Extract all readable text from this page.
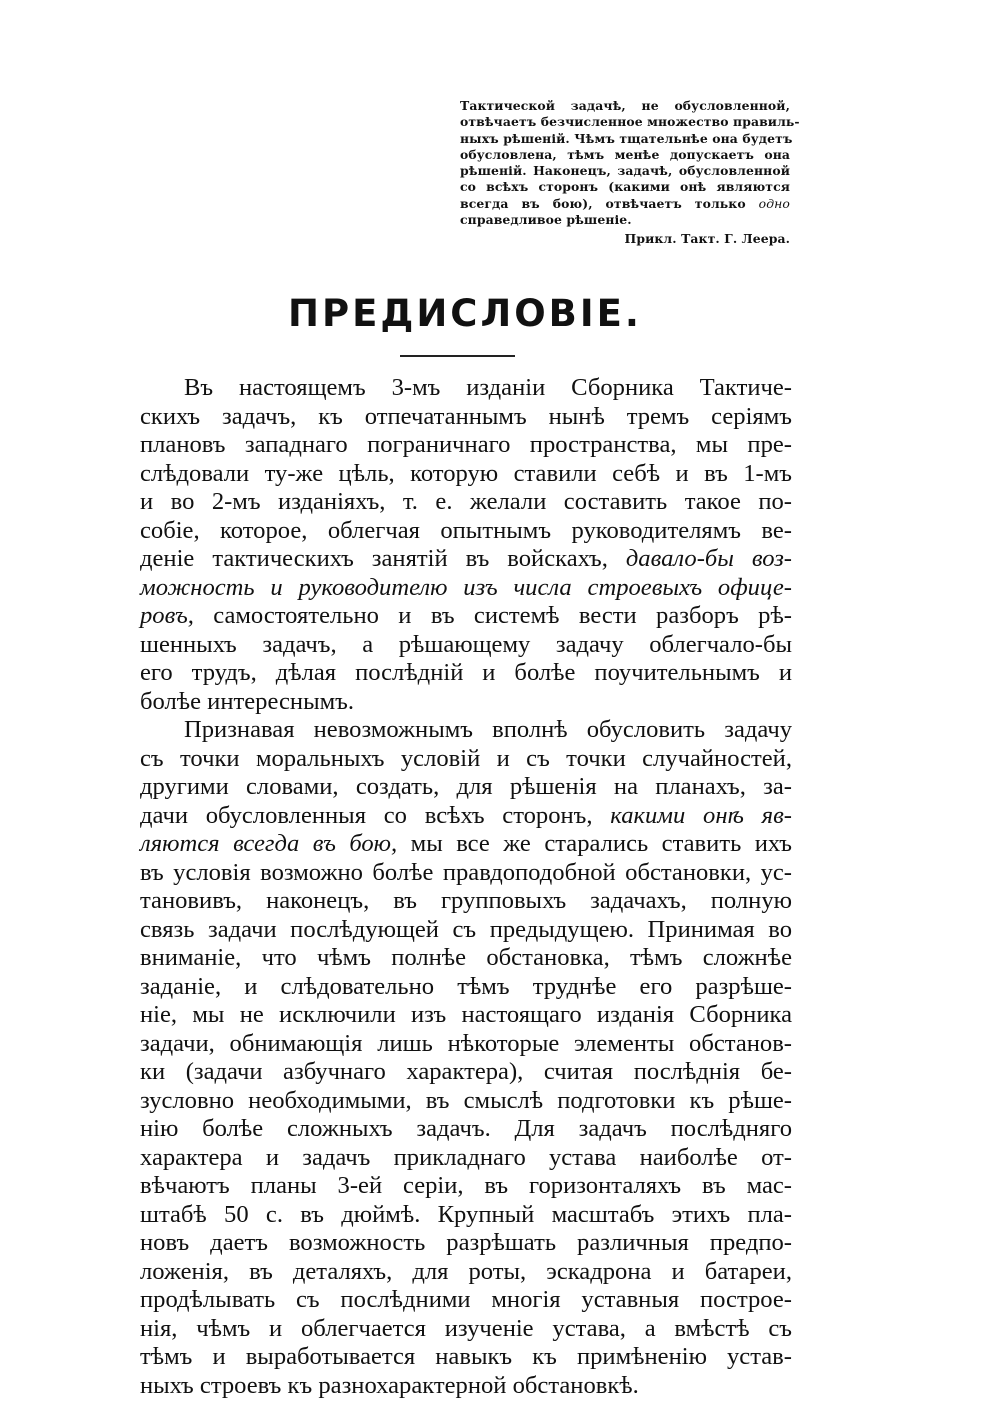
Тактической задачѣ, не обусловленной,
отвѣчаетъ безчисленное множество правиль-
ныхъ рѣшеній. Чѣмъ тщательнѣе она будетъ
обусловлена, тѣмъ менѣе допускаетъ она
рѣшеній. Наконецъ, задачѣ, обусловленной
со всѣхъ сторонъ (какими онѣ являются
всегда въ бою), отвѣчаетъ только одно
справедливое рѣшеніе.
Прикл. Такт. Г. Леера.
ПРЕДИСЛОВІЕ.
Въ настоящемъ 3-мъ изданіи Сборника Тактиче-
скихъ задачъ, къ отпечатаннымъ нынѣ тремъ серіямъ
плановъ западнаго пограничнаго пространства, мы пре-
слѣдовали ту-же цѣль, которую ставили себѣ и въ 1-мъ
и во 2-мъ изданіяхъ, т. е. желали составить такое по-
собіе, которое, облегчая опытнымъ руководителямъ ве-
деніе тактическихъ занятій въ войскахъ, давало-бы воз-
можность и руководителю изъ числа строевыхъ офице-
ровъ, самостоятельно и въ системѣ вести разборъ рѣ-
шенныхъ задачъ, а рѣшающему задачу облегчало-бы
его трудъ, дѣлая послѣдній и болѣе поучительнымъ и
болѣе интереснымъ.
Признавая невозможнымъ вполнѣ обусловить задачу
съ точки моральныхъ условій и съ точки случайностей,
другими словами, создать, для рѣшенія на планахъ, за-
дачи обусловленныя со всѣхъ сторонъ, какими онѣ яв-
ляются всегда въ бою, мы все же старались ставить ихъ
въ условія возможно болѣе правдоподобной обстановки, ус-
тановивъ, наконецъ, въ групповыхъ задачахъ, полную
связь задачи послѣдующей съ предыдущею. Принимая во
вниманіе, что чѣмъ полнѣе обстановка, тѣмъ сложнѣе
заданіе, и слѣдовательно тѣмъ труднѣе его разрѣше-
ніе, мы не исключили изъ настоящаго изданія Сборника
задачи, обнимающія лишь нѣкоторые элементы обстанов-
ки (задачи азбучнаго характера), считая послѣднія бе-
зусловно необходимыми, въ смыслѣ подготовки къ рѣше-
нію болѣе сложныхъ задачъ. Для задачъ послѣдняго
характера и задачъ прикладнаго устава наиболѣе от-
вѣчаютъ планы 3-ей серіи, въ горизонталяхъ въ мас-
штабѣ 50 с. въ дюймѣ. Крупный масштабъ этихъ пла-
новъ даетъ возможность разрѣшать различныя предпо-
ложенія, въ деталяхъ, для роты, эскадрона и батареи,
продѣлывать съ послѣдними многія уставныя построе-
нія, чѣмъ и облегчается изученіе устава, а вмѣстѣ съ
тѣмъ и выработывается навыкъ къ примѣненію устав-
ныхъ строевъ къ разнохарактерной обстановкѣ.
